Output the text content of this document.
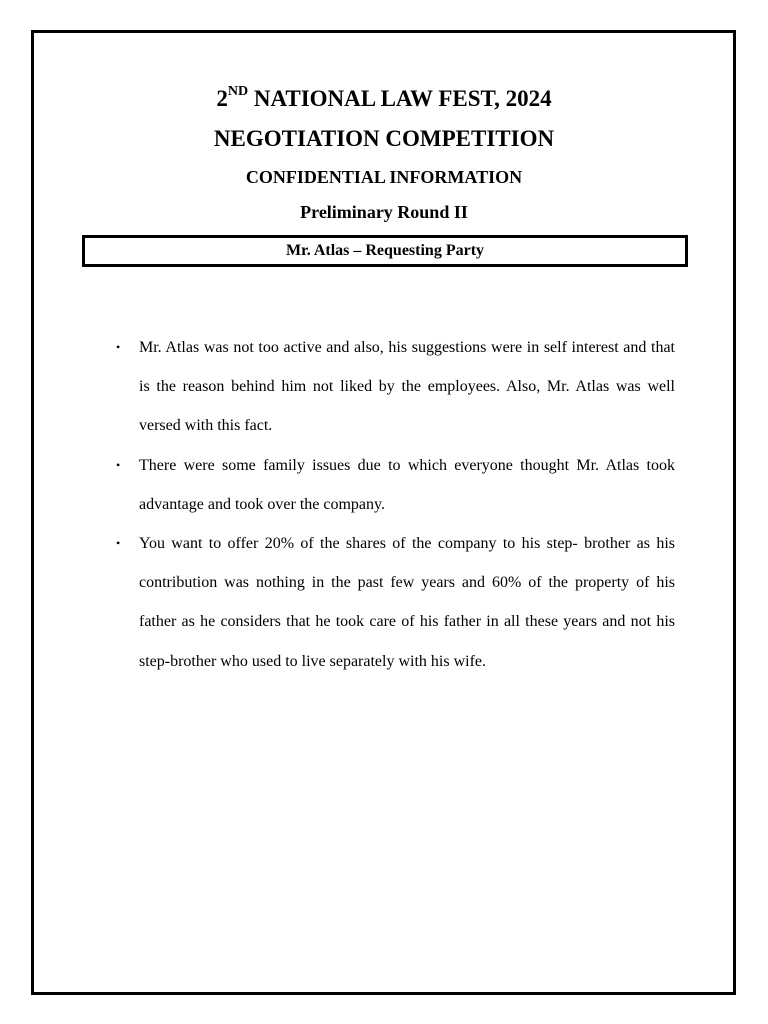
2ND NATIONAL LAW FEST, 2024
NEGOTIATION COMPETITION
CONFIDENTIAL INFORMATION
Preliminary Round II
Mr. Atlas – Requesting Party
• Mr. Atlas was not too active and also, his suggestions were in self interest and that is the reason behind him not liked by the employees. Also, Mr. Atlas was well versed with this fact.
• There were some family issues due to which everyone thought Mr. Atlas took advantage and took over the company.
• You want to offer 20% of the shares of the company to his step- brother as his contribution was nothing in the past few years and 60% of the property of his father as he considers that he took care of his father in all these years and not his step-brother who used to live separately with his wife.
